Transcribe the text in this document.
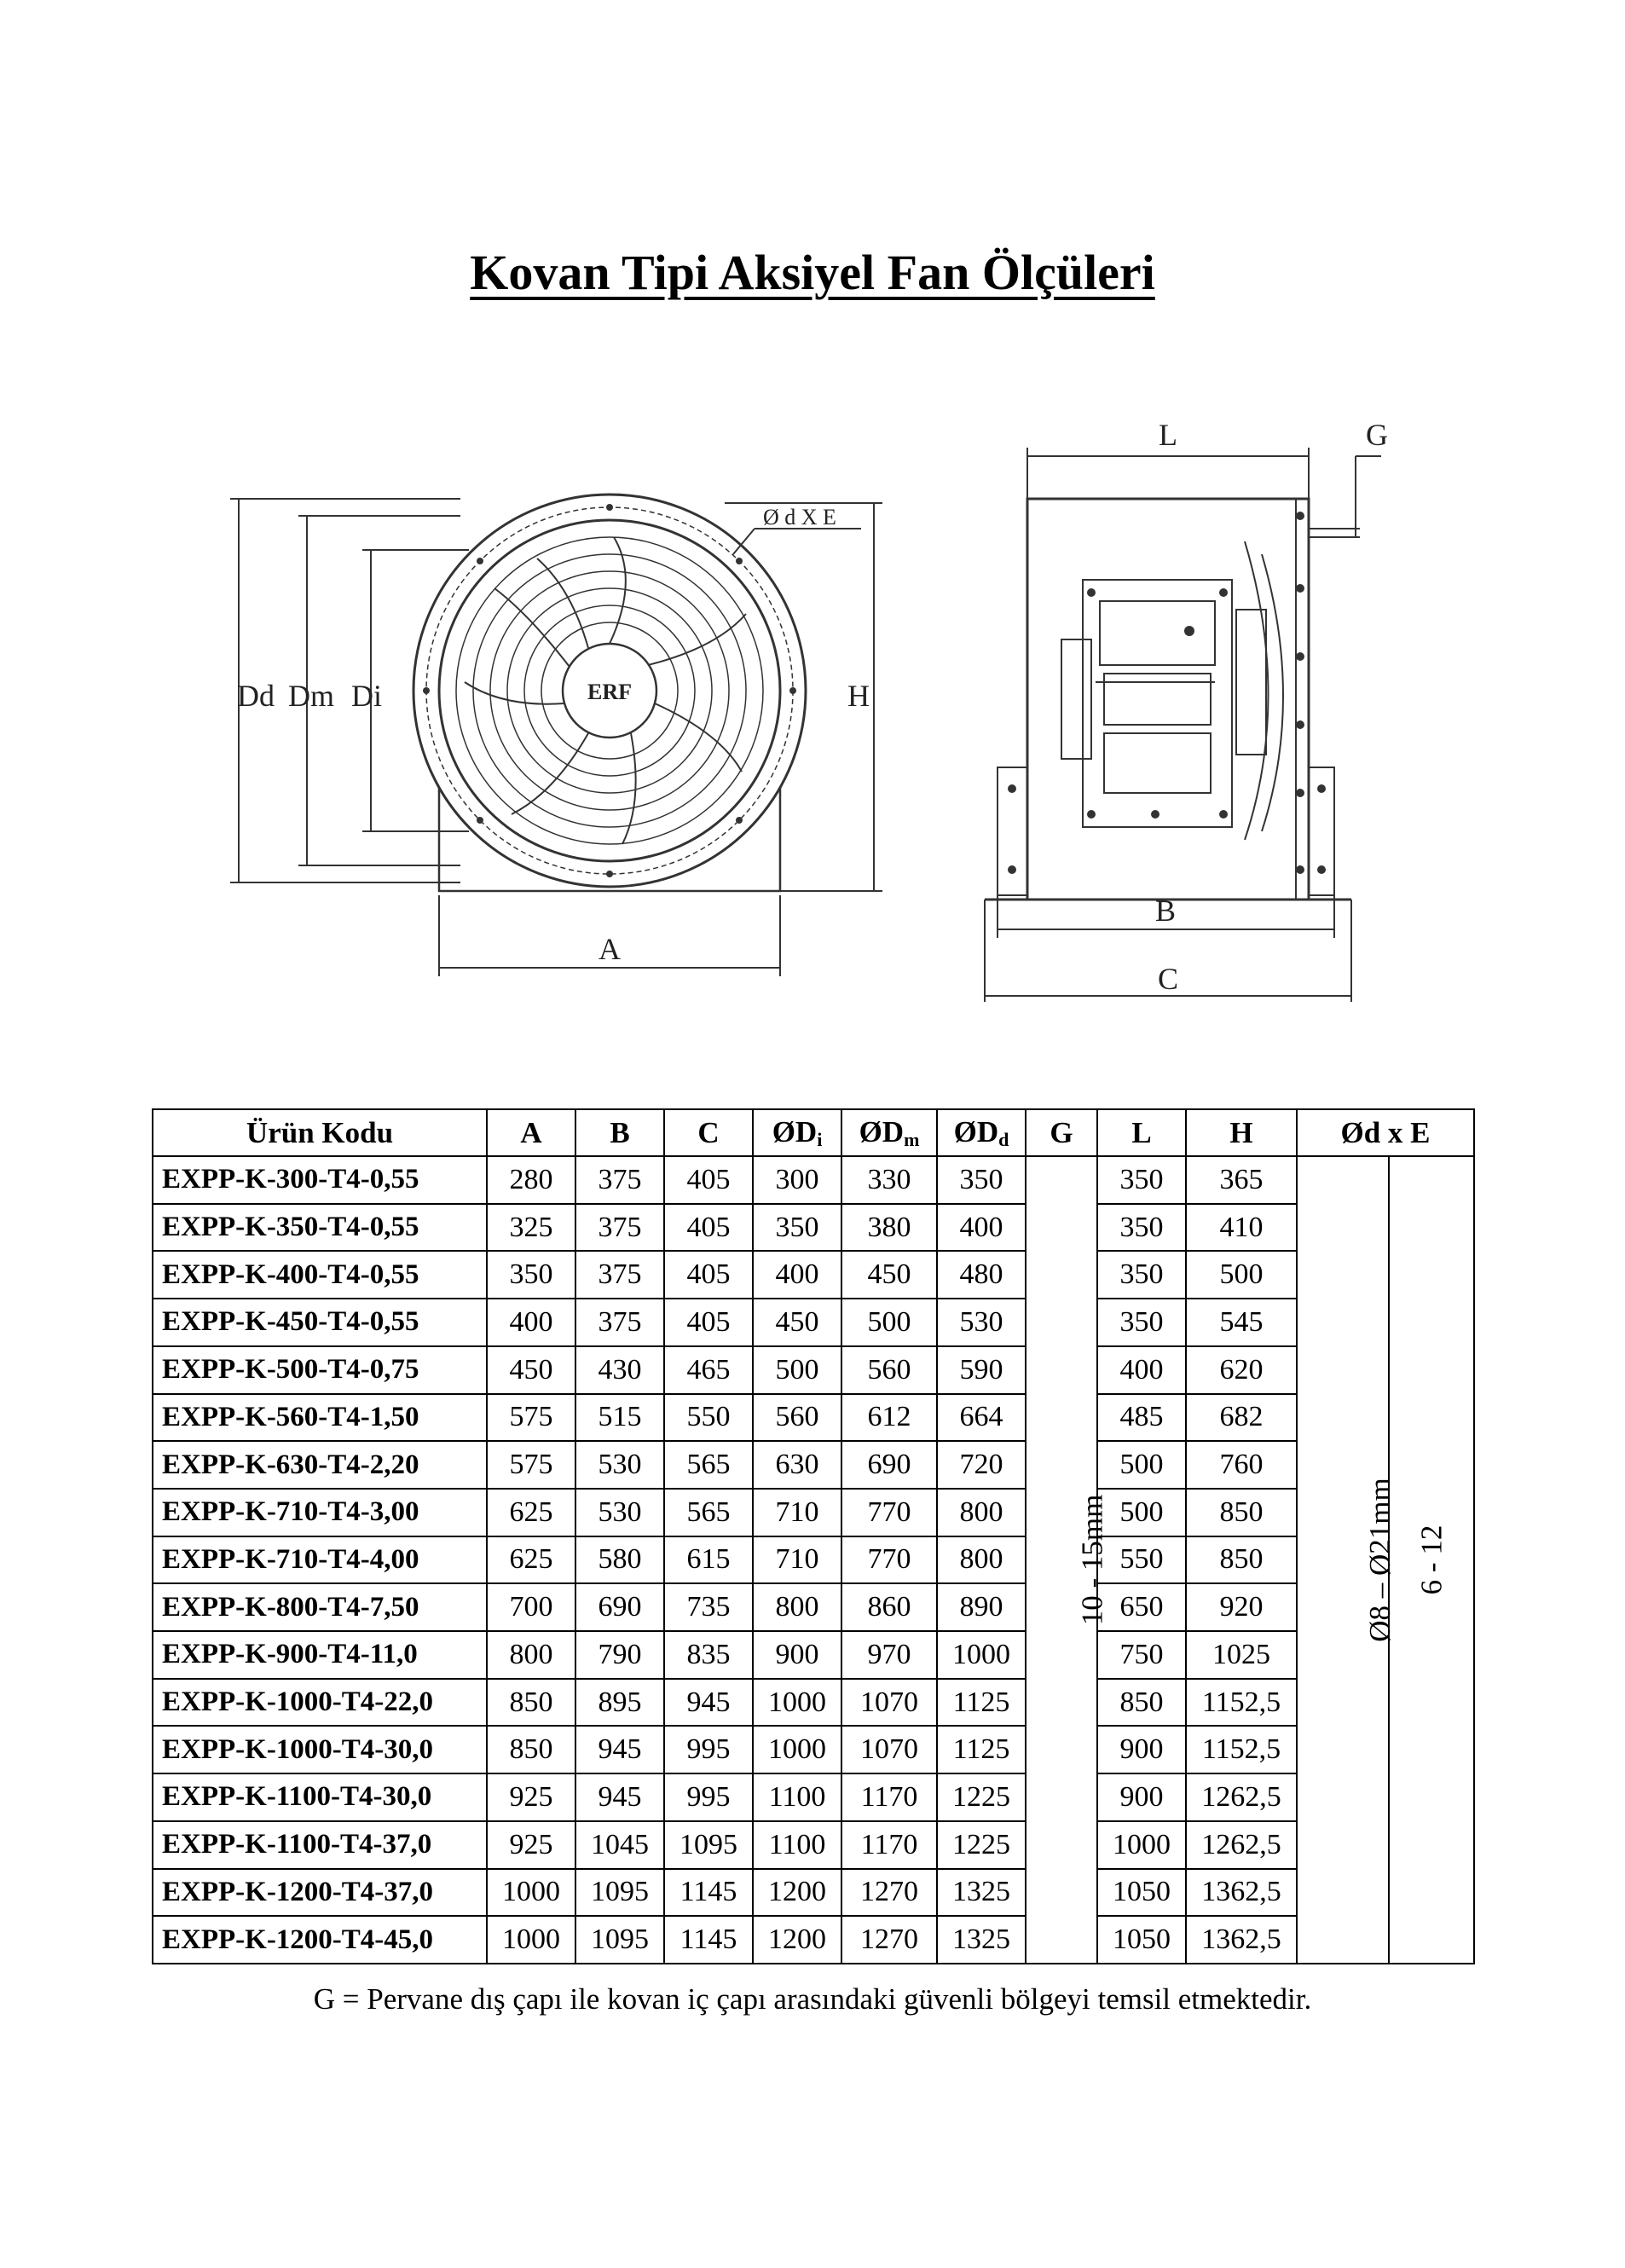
Kovan Tipi Aksiyel Fan Ölçüleri
Dd Dm Di	H
A
Ø d X E
ERF
L	G
B
C
Ürün Kodu	A	B	C	$ØD_i$	$ØD_m$	$ØD_d$	G	L	H	Ød x E	
EXPP-K-300-T4-0,55	280	375	405	300	330	350	10 - 15mm	350	365	Ø8 – Ø21mm	6 - 12
EXPP-K-350-T4-0,55	325	375	405	350	380	400		350	410		
EXPP-K-400-T4-0,55	350	375	405	400	450	480		350	500		
EXPP-K-450-T4-0,55	400	375	405	450	500	530		350	545		
EXPP-K-500-T4-0,75	450	430	465	500	560	590		400	620		
EXPP-K-560-T4-1,50	575	515	550	560	612	664		485	682		
EXPP-K-630-T4-2,20	575	530	565	630	690	720		500	760		
EXPP-K-710-T4-3,00	625	530	565	710	770	800		500	850		
EXPP-K-710-T4-4,00	625	580	615	710	770	800		550	850		
EXPP-K-800-T4-7,50	700	690	735	800	860	890		650	920		
EXPP-K-900-T4-11,0	800	790	835	900	970	1000		750	1025		
EXPP-K-1000-T4-22,0	850	895	945	1000	1070	1125		850	1152,5		
EXPP-K-1000-T4-30,0	850	945	995	1000	1070	1125		900	1152,5		
EXPP-K-1100-T4-30,0	925	945	995	1100	1170	1225		900	1262,5		
EXPP-K-1100-T4-37,0	925	1045	1095	1100	1170	1225		1000	1262,5		
EXPP-K-1200-T4-37,0	1000	1095	1145	1200	1270	1325		1050	1362,5		
EXPP-K-1200-T4-45,0	1000	1095	1145	1200	1270	1325		1050	1362,5		
G = Pervane dış çapı ile kovan iç çapı arasındaki güvenli bölgeyi temsil etmektedir.
